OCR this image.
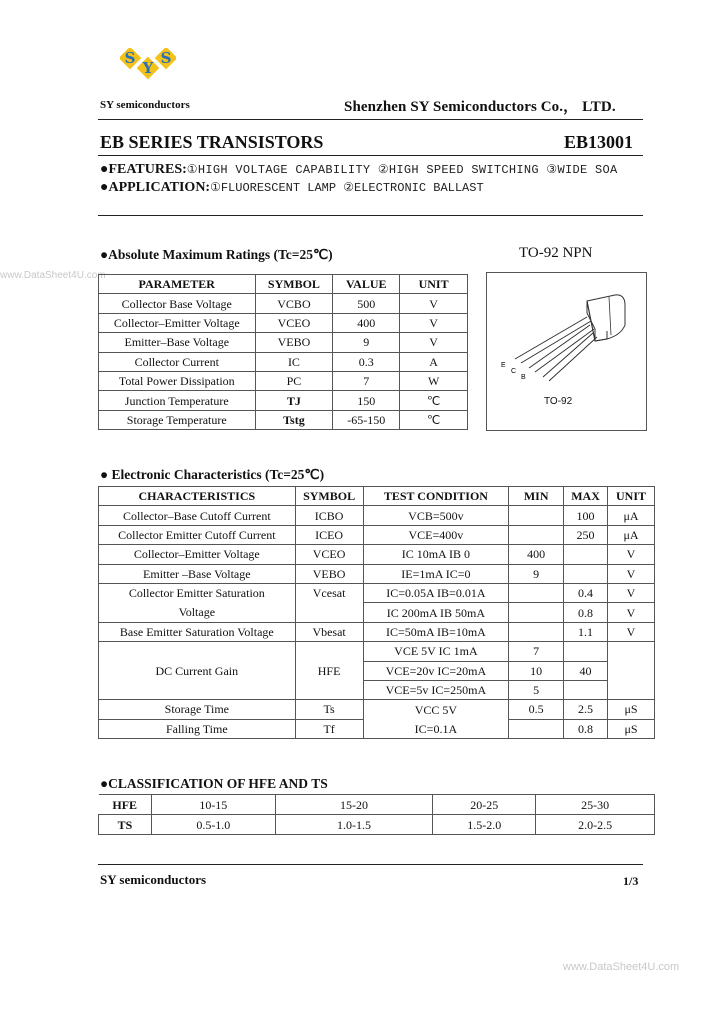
S
Y
S
SY semiconductors	Shenzhen SY Semiconductors Co.， LTD.
EB SERIES TRANSISTORS	EB13001
●FEATURES:①HIGH VOLTAGE CAPABILITY ②HIGH SPEED SWITCHING ③WIDE SOA
●APPLICATION:①FLUORESCENT LAMP ②ELECTRONIC BALLAST
www.DataSheet4U.com
●Absolute Maximum Ratings (Tc=25℃)
PARAMETER	SYMBOL	VALUE	UNIT
Collector Base Voltage	VCBO	500	V
Collector–Emitter Voltage	VCEO	400	V
Emitter–Base Voltage	VEBO	9	V
Collector Current	IC	0.3	A
Total Power Dissipation	PC	7	W
Junction Temperature	TJ	150	℃
Storage Temperature	Tstg	-65-150	℃
TO-92 NPN
E
C
B
TO-92
● Electronic Characteristics (Tc=25℃)
CHARACTERISTICS	SYMBOL	TEST CONDITION	MIN	MAX	UNIT
Collector–Base Cutoff Current	ICBO	VCB=500v		100	μA
Collector Emitter Cutoff Current	ICEO	VCE=400v		250	μA
Collector–Emitter Voltage	VCEO	IC 10mA IB 0	400		V
Emitter –Base Voltage	VEBO	IE=1mA IC=0	9		V
Collector Emitter Saturation	Vcesat	IC=0.05A IB=0.01A		0.4	V
Voltage		IC 200mA IB 50mA		0.8	V
Base Emitter Saturation Voltage	Vbesat	IC=50mA IB=10mA		1.1	V
DC Current Gain	HFE	VCE 5V IC 1mA	7		
		VCE=20v IC=20mA	10	40	
		VCE=5v IC=250mA	5		
Storage Time	Ts	VCC 5V	0.5	2.5	μS
Falling Time	Tf	IC=0.1A		0.8	μS
●CLASSIFICATION OF HFE AND TS
HFE	10-15	15-20	20-25	25-30
TS	0.5-1.0	1.0-1.5	1.5-2.0	2.0-2.5
SY semiconductors	1/3
www.DataSheet4U.com
